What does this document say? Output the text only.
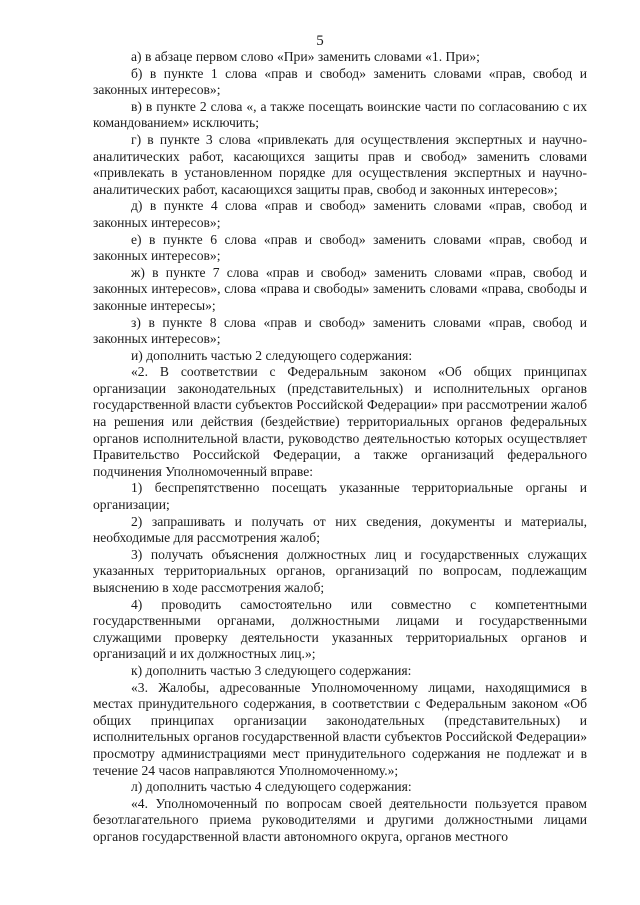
5

а) в абзаце первом слово «При» заменить словами «1. При»;

б) в пункте 1 слова «прав и свобод» заменить словами «прав, свобод и законных интересов»;

в) в пункте 2 слова «, а также посещать воинские части по согласованию с их командованием» исключить;

г) в пункте 3 слова «привлекать для осуществления экспертных и научно-аналитических работ, касающихся защиты прав и свобод» заменить словами «привлекать в установленном порядке для осуществления экспертных и научно-аналитических работ, касающихся защиты прав, свобод и законных интересов»;

д) в пункте 4 слова «прав и свобод» заменить словами «прав, свобод и законных интересов»;

е) в пункте 6 слова «прав и свобод» заменить словами «прав, свобод и законных интересов»;

ж) в пункте 7 слова «прав и свобод» заменить словами «прав, свобод и законных интересов», слова «права и свободы» заменить словами «права, свободы и законные интересы»;

з) в пункте 8 слова «прав и свобод» заменить словами «прав, свобод и законных интересов»;

и) дополнить частью 2 следующего содержания:

«2. В соответствии с Федеральным законом «Об общих принципах организации законодательных (представительных) и исполнительных органов государственной власти субъектов Российской Федерации» при рассмотрении жалоб на решения или действия (бездействие) территориальных органов федеральных органов исполнительной власти, руководство деятельностью которых осуществляет Правительство Российской Федерации, а также организаций федерального подчинения Уполномоченный вправе:

1) беспрепятственно посещать указанные территориальные органы и организации;

2) запрашивать и получать от них сведения, документы и материалы, необходимые для рассмотрения жалоб;

3) получать объяснения должностных лиц и государственных служащих указанных территориальных органов, организаций по вопросам, подлежащим выяснению в ходе рассмотрения жалоб;

4) проводить самостоятельно или совместно с компетентными государственными органами, должностными лицами и государственными служащими проверку деятельности указанных территориальных органов и организаций и их должностных лиц.»;

к) дополнить частью 3 следующего содержания:

«3. Жалобы, адресованные Уполномоченному лицами, находящимися в местах принудительного содержания, в соответствии с Федеральным законом «Об общих принципах организации законодательных (представительных) и исполнительных органов государственной власти субъектов Российской Федерации» просмотру администрациями мест принудительного содержания не подлежат и в течение 24 часов направляются Уполномоченному.»;

л) дополнить частью 4 следующего содержания:

«4. Уполномоченный по вопросам своей деятельности пользуется правом безотлагательного приема руководителями и другими должностными лицами органов государственной власти автономного округа, органов местного
